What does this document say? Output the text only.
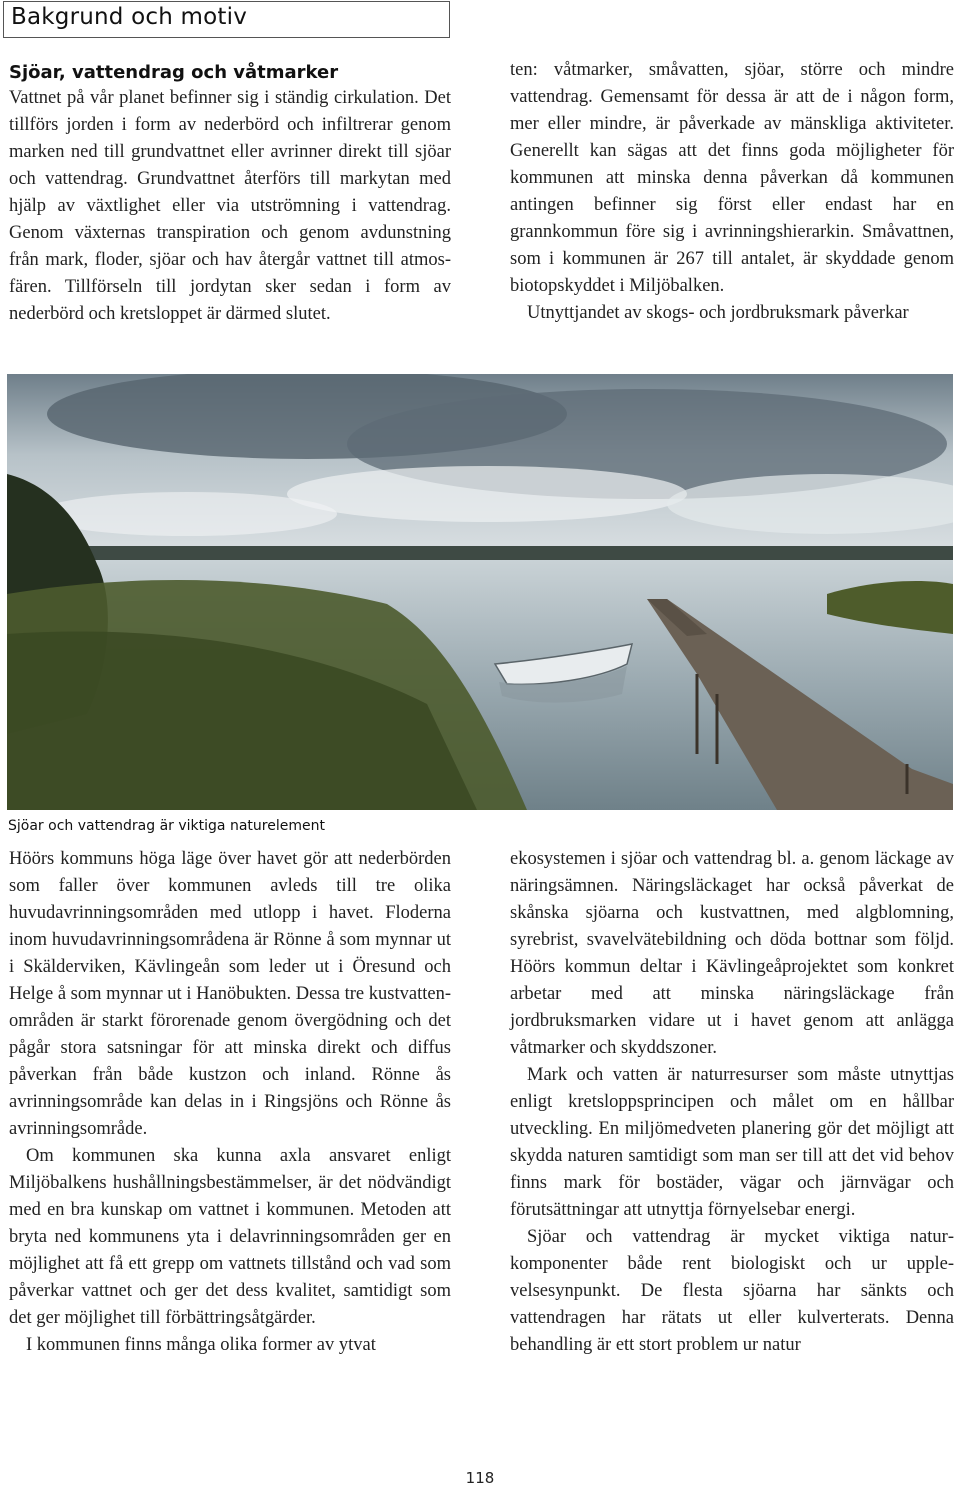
Bakgrund och motiv
Sjöar, vattendrag och våtmarker

Vattnet på vår planet befinner sig i ständig cirkulation. Det tillförs jorden i form av nederbörd och infiltrerar genom marken ned till grundvattnet eller avrinner direkt till sjöar och vattendrag. Grundvattnet återförs till markytan med hjälp av växtlighet eller via utströmning i vattendrag. Genom växternas transpiration och genom avdunstning från mark, floder, sjöar och hav återgår vattnet till atmosfären. Tillförseln till jordytan sker sedan i form av nederbörd och kretsloppet är därmed slutet.

ten: våtmarker, småvatten, sjöar, större och mindre vattendrag. Gemensamt för dessa är att de i någon form, mer eller mindre, är påverkade av mänskliga aktiviteter. Generellt kan sägas att det finns goda möjligheter för kommunen att minska denna påverkan då kommunen antingen befinner sig först eller endast har en grannkommun före sig i avrinningshierarkin. Småvattnen, som i kommunen är 267 till antalet, är skyddade genom biotopskyddet i Miljöbalken.

Utnyttjandet av skogs- och jordbruksmark påverkar

Sjöar och vattendrag är viktiga naturelement

Höörs kommuns höga läge över havet gör att nederbörden som faller över kommunen avleds till tre olika huvudavrinningsområden med utlopp i havet. Floderna inom huvudavrinningsområdena är Rönne å som mynnar ut i Skälderviken, Kävlingeån som leder ut i Öresund och Helge å som mynnar ut i Hanöbukten. Dessa tre kustvattenområden är starkt förorenade genom övergödning och det pågår stora satsningar för att minska direkt och diffus påverkan från både kustzon och inland. Rönne ås avrinningsområde kan delas in i Ringsjöns och Rönne ås avrinningsområde.

Om kommunen ska kunna axla ansvaret enligt Miljöbalkens hushållningsbestämmelser, är det nödvändigt med en bra kunskap om vattnet i kommunen. Metoden att bryta ned kommunens yta i delavrinningsområden ger en möjlighet att få ett grepp om vattnets tillstånd och vad som påverkar vattnet och ger det dess kvalitet, samtidigt som det ger möjlighet till förbättringsåtgärder.

I kommunen finns många olika former av ytvat

ekosystemen i sjöar och vattendrag bl. a. genom läckage av näringsämnen. Näringsläckaget har också påverkat de skånska sjöarna och kustvattnen, med algblomning, syrebrist, svavelvätebildning och döda bottnar som följd. Höörs kommun deltar i Kävlingeåprojektet som konkret arbetar med att minska näringsläckage från jordbruksmarken vidare ut i havet genom att anlägga våtmarker och skyddszoner.

Mark och vatten är naturresurser som måste utnyttjas enligt kretsloppsprincipen och målet om en hållbar utveckling. En miljömedveten planering gör det möjligt att skydda naturen samtidigt som man ser till att det vid behov finns mark för bostäder, vägar och järnvägar och förutsättningar att utnyttja förnyelsebar energi.

Sjöar och vattendrag är mycket viktiga naturkomponenter både rent biologiskt och ur upplevelsesynpunkt. De flesta sjöarna har sänkts och vattendragen har rätats ut eller kulverterats. Denna behandling är ett stort problem ur natur

118
